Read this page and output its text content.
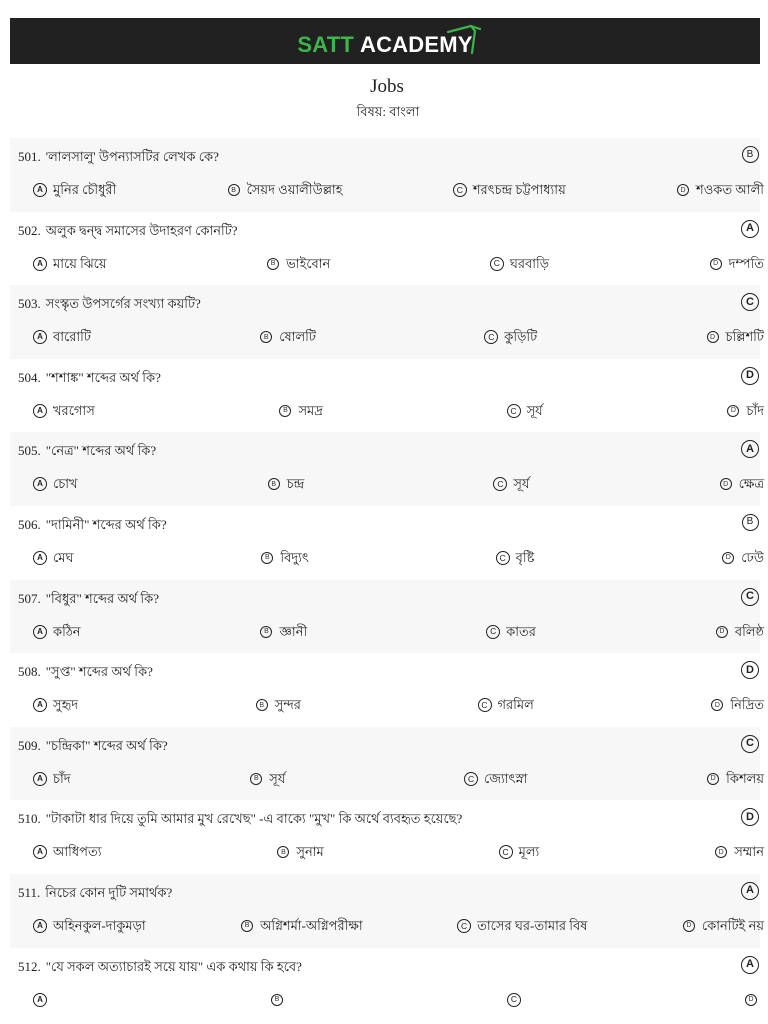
SATT ACADEMY
Jobs
বিষয়: বাংলা
501. 'লালসালু' উপন্যাসটির লেখক কে?	B
A মুনির চৌধুরী	B সৈয়দ ওয়ালীউল্লাহ	C শরৎচন্দ্র চট্টপাধ্যায়	D শওকত আলী
502. অলুক দ্বন্দ্ব সমাসের উদাহরণ কোনটি?	A
A মায়ে ঝিয়ে	B ভাইবোন	C ঘরবাড়ি	D দম্পতি
503. সংস্কৃত উপসর্গের সংখ্যা কয়টি?	C
A বারোটি	B ষোলটি	C কুড়িটি	D চল্লিশটি
504. "শশাঙ্ক" শব্দের অর্থ কি?	D
A খরগোস	B সমদ্র	C সূর্য	D চাঁদ
505. "নেত্র" শব্দের অর্থ কি?	A
A চোখ	B চন্দ্র	C সূর্য	D ক্ষেত্র
506. "দামিনী" শব্দের অর্থ কি?	B
A মেঘ	B বিদ্যুৎ	C বৃষ্টি	D ঢেউ
507. "বিধুর" শব্দের অর্থ কি?	C
A কঠিন	B জ্ঞানী	C কাতর	D বলিষ্ঠ
508. "সুপ্ত" শব্দের অর্থ কি?	D
A সুহৃদ	B সুন্দর	C গরমিল	D নিদ্রিত
509. "চন্দ্রিকা" শব্দের অর্থ কি?	C
A চাঁদ	B সূর্য	C জ্যোৎস্না	D কিশলয়
510. "টাকাটা ধার দিয়ে তুমি আমার মুখ রেখেছ" -এ বাক্যে "মুখ" কি অর্থে ব্যবহৃত হয়েছে?	D
A আধিপত্য	B সুনাম	C মূল্য	D সম্মান
511. নিচের কোন দুটি সমার্থক?	A
A অহিনকুল-দাকুমড়া	B অগ্নিশর্মা-অগ্নিপরীক্ষা	C তাসের ঘর-তামার বিষ	D কোনটিই নয়
512. "যে সকল অত্যাচারই সয়ে যায়" এক কথায় কি হবে?	A
A	B	C	D
